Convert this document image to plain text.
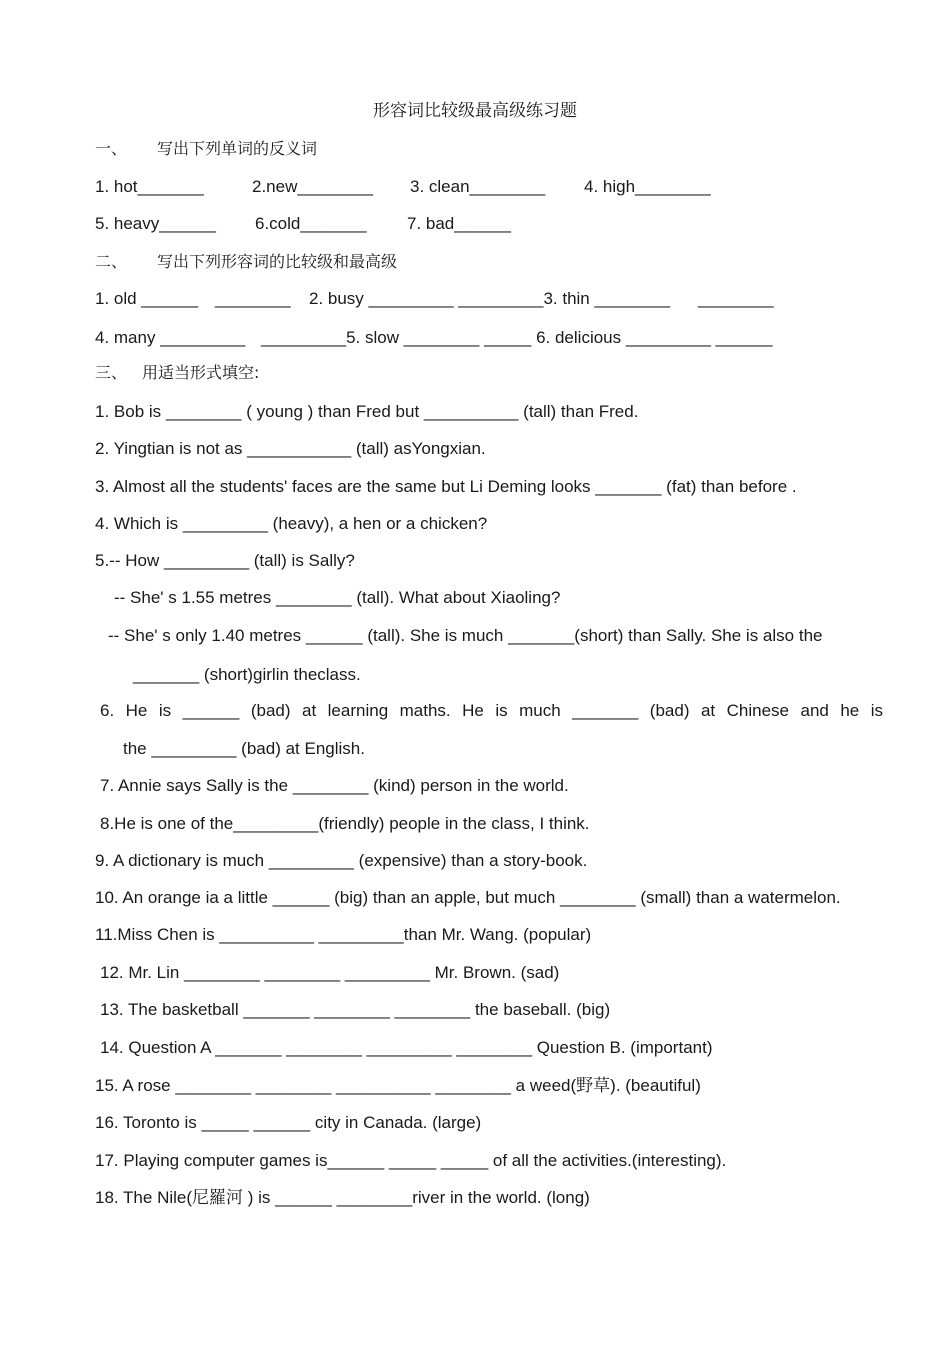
形容词比较级最高级练习题
一、 写出下列单词的反义词
1. hot_______	2.new________ 3. clean________ 4. high________
5. heavy______ 6.cold_______ 7. bad______
二、 写出下列形容词的比较级和最高级
1. old ______ ________ 2. busy _________ _________3. thin ________ ________
4. many _________ _________5. slow ________ _____ 6. delicious _________ ______
三、 用适当形式填空:
1. Bob is ________ ( young ) than Fred but __________ (tall) than Fred.
2. Yingtian is not as ___________ (tall) asYongxian.
3. Almost all the students' faces are the same but Li Deming looks _______ (fat) than before .
4. Which is _________ (heavy), a hen or a chicken?
5.-- How _________ (tall) is Sally?
-- She' s 1.55 metres ________ (tall). What about Xiaoling?
-- She' s only 1.40 metres ______ (tall). She is much _______(short) than Sally. She is also the
_______ (short)girlin theclass.
6. He is ______ (bad) at learning maths. He is much _______ (bad) at Chinese and he is
the _________ (bad) at English.
7. Annie says Sally is the ________ (kind) person in the world.
8.He is one of the_________(friendly) people in the class, I think.
9. A dictionary is much _________ (expensive) than a story-book.
10. An orange ia a little ______ (big) than an apple, but much ________ (small) than a watermelon.
11.Miss Chen is __________ _________than Mr. Wang. (popular)
12. Mr. Lin ________ ________ _________ Mr. Brown. (sad)
13. The basketball _______ ________ ________ the baseball. (big)
14. Question A _______ ________ _________ ________ Question B. (important)
15. A rose ________ ________ __________ ________ a weed(野草). (beautiful)
16. Toronto is _____ ______ city in Canada. (large)
17. Playing computer games is______ _____ _____ of all the activities.(interesting).
18. The Nile(尼羅河 ) is ______ ________river in the world. (long)
